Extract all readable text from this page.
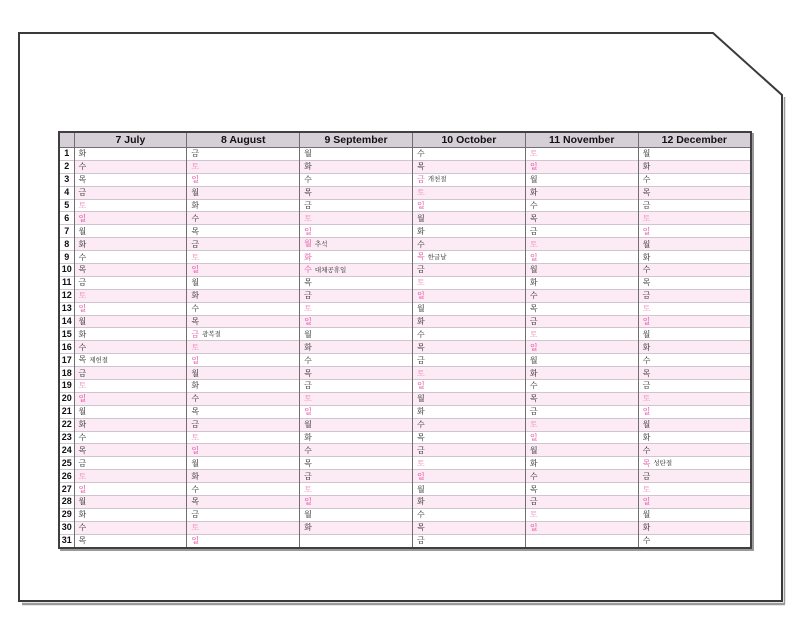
	7 July	8 August	9 September	10 October	11 November	12 December
1	화	금	월	수	토	월
2	수	토	화	목	일	화
3	목	일	수	금 개천절	월	수
4	금	월	목	토	화	목
5	토	화	금	일	수	금
6	일	수	토	월	목	토
7	월	목	일	화	금	일
8	화	금	월 추석	수	토	월
9	수	토	화	목 한글날	일	화
10	목	일	수 대체공휴일	금	월	수
11	금	월	목	토	화	목
12	토	화	금	일	수	금
13	일	수	토	월	목	토
14	월	목	일	화	금	일
15	화	금 광복절	월	수	토	월
16	수	토	화	목	일	화
17	목 제헌절	일	수	금	월	수
18	금	월	목	토	화	목
19	토	화	금	일	수	금
20	일	수	토	월	목	토
21	월	목	일	화	금	일
22	화	금	월	수	토	월
23	수	토	화	목	일	화
24	목	일	수	금	월	수
25	금	월	목	토	화	목 성탄절
26	토	화	금	일	수	금
27	일	수	토	월	목	토
28	월	목	일	화	금	일
29	화	금	월	수	토	월
30	수	토	화	목	일	화
31	목	일		금		수
